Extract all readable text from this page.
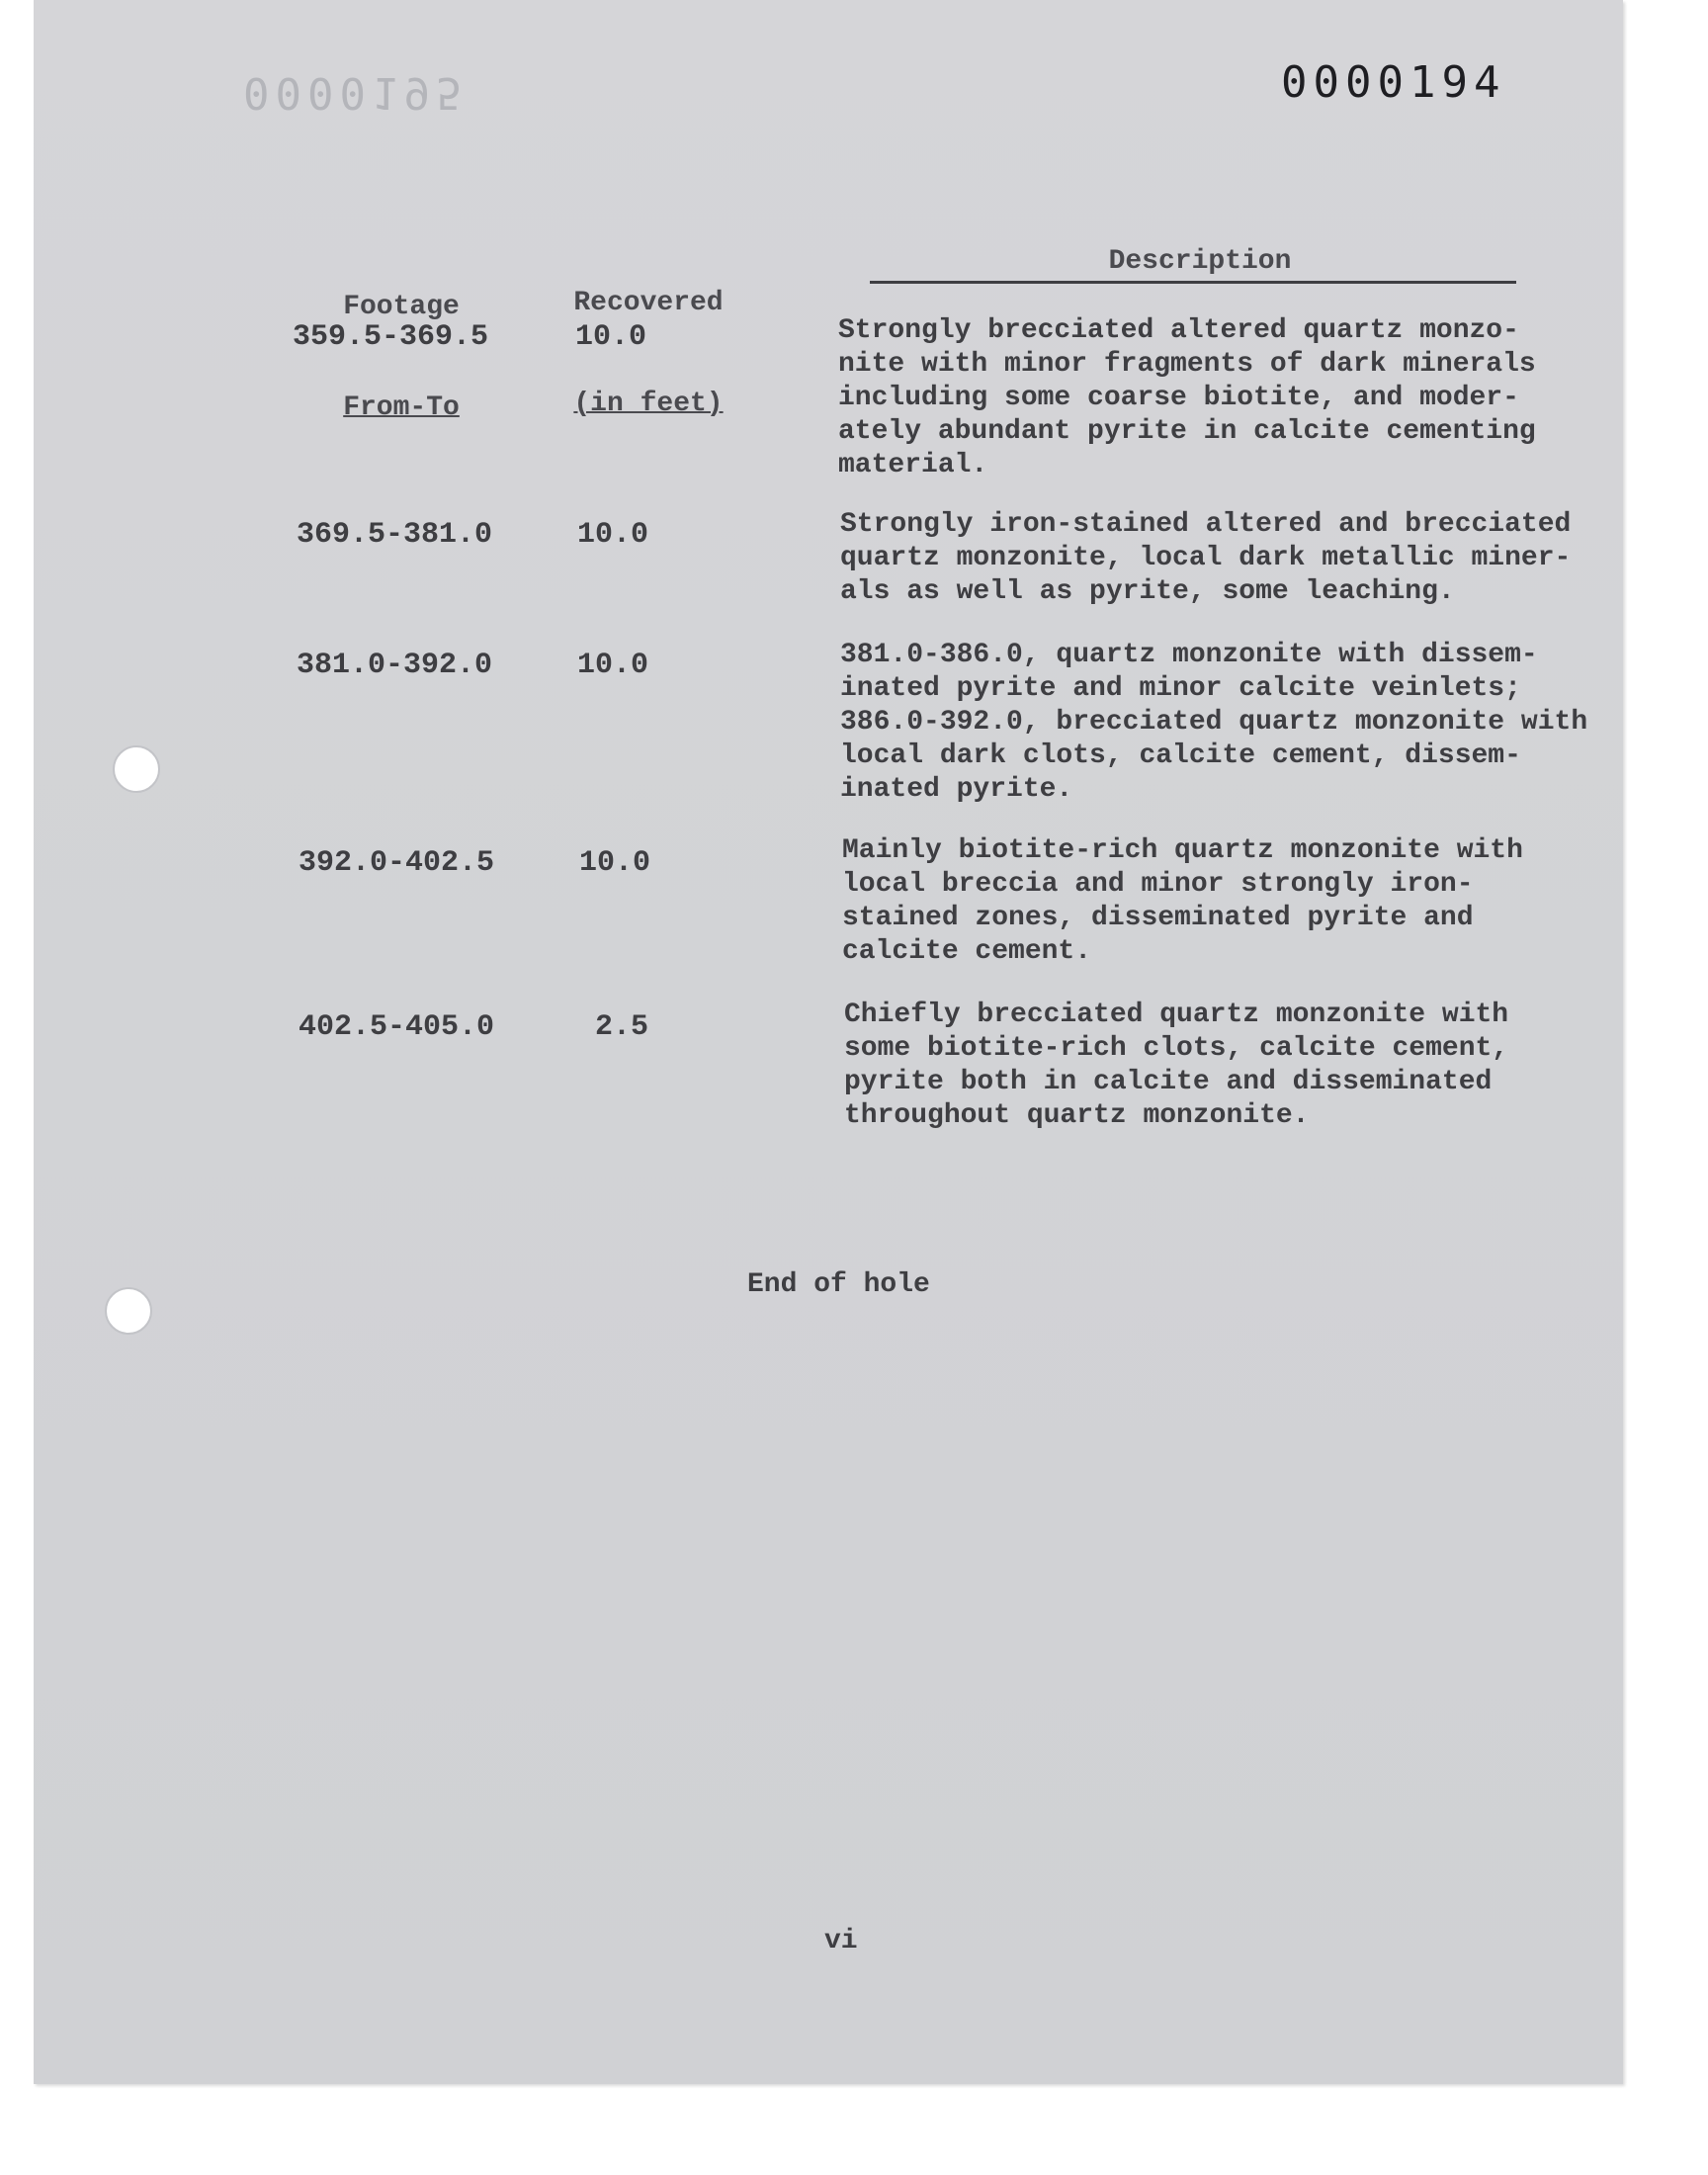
0000195	0000194

Footage

From-To

Recovered

(in feet)

Description
359.5-369.5	10.0	Strongly brecciated altered quartz monzo-
nite with minor fragments of dark minerals
including some coarse biotite, and moder-
ately abundant pyrite in calcite cementing
material.
369.5-381.0	10.0	Strongly iron-stained altered and brecciated
quartz monzonite, local dark metallic miner-
als as well as pyrite, some leaching.
381.0-392.0	10.0	381.0-386.0, quartz monzonite with dissem-
inated pyrite and minor calcite veinlets;
386.0-392.0, brecciated quartz monzonite with
local dark clots, calcite cement, dissem-
inated pyrite.
392.0-402.5	10.0	Mainly biotite-rich quartz monzonite with
local breccia and minor strongly iron-
stained zones, disseminated pyrite and
calcite cement.
402.5-405.0	2.5	Chiefly brecciated quartz monzonite with
some biotite-rich clots, calcite cement,
pyrite both in calcite and disseminated
throughout quartz monzonite.
End of hole
vi
